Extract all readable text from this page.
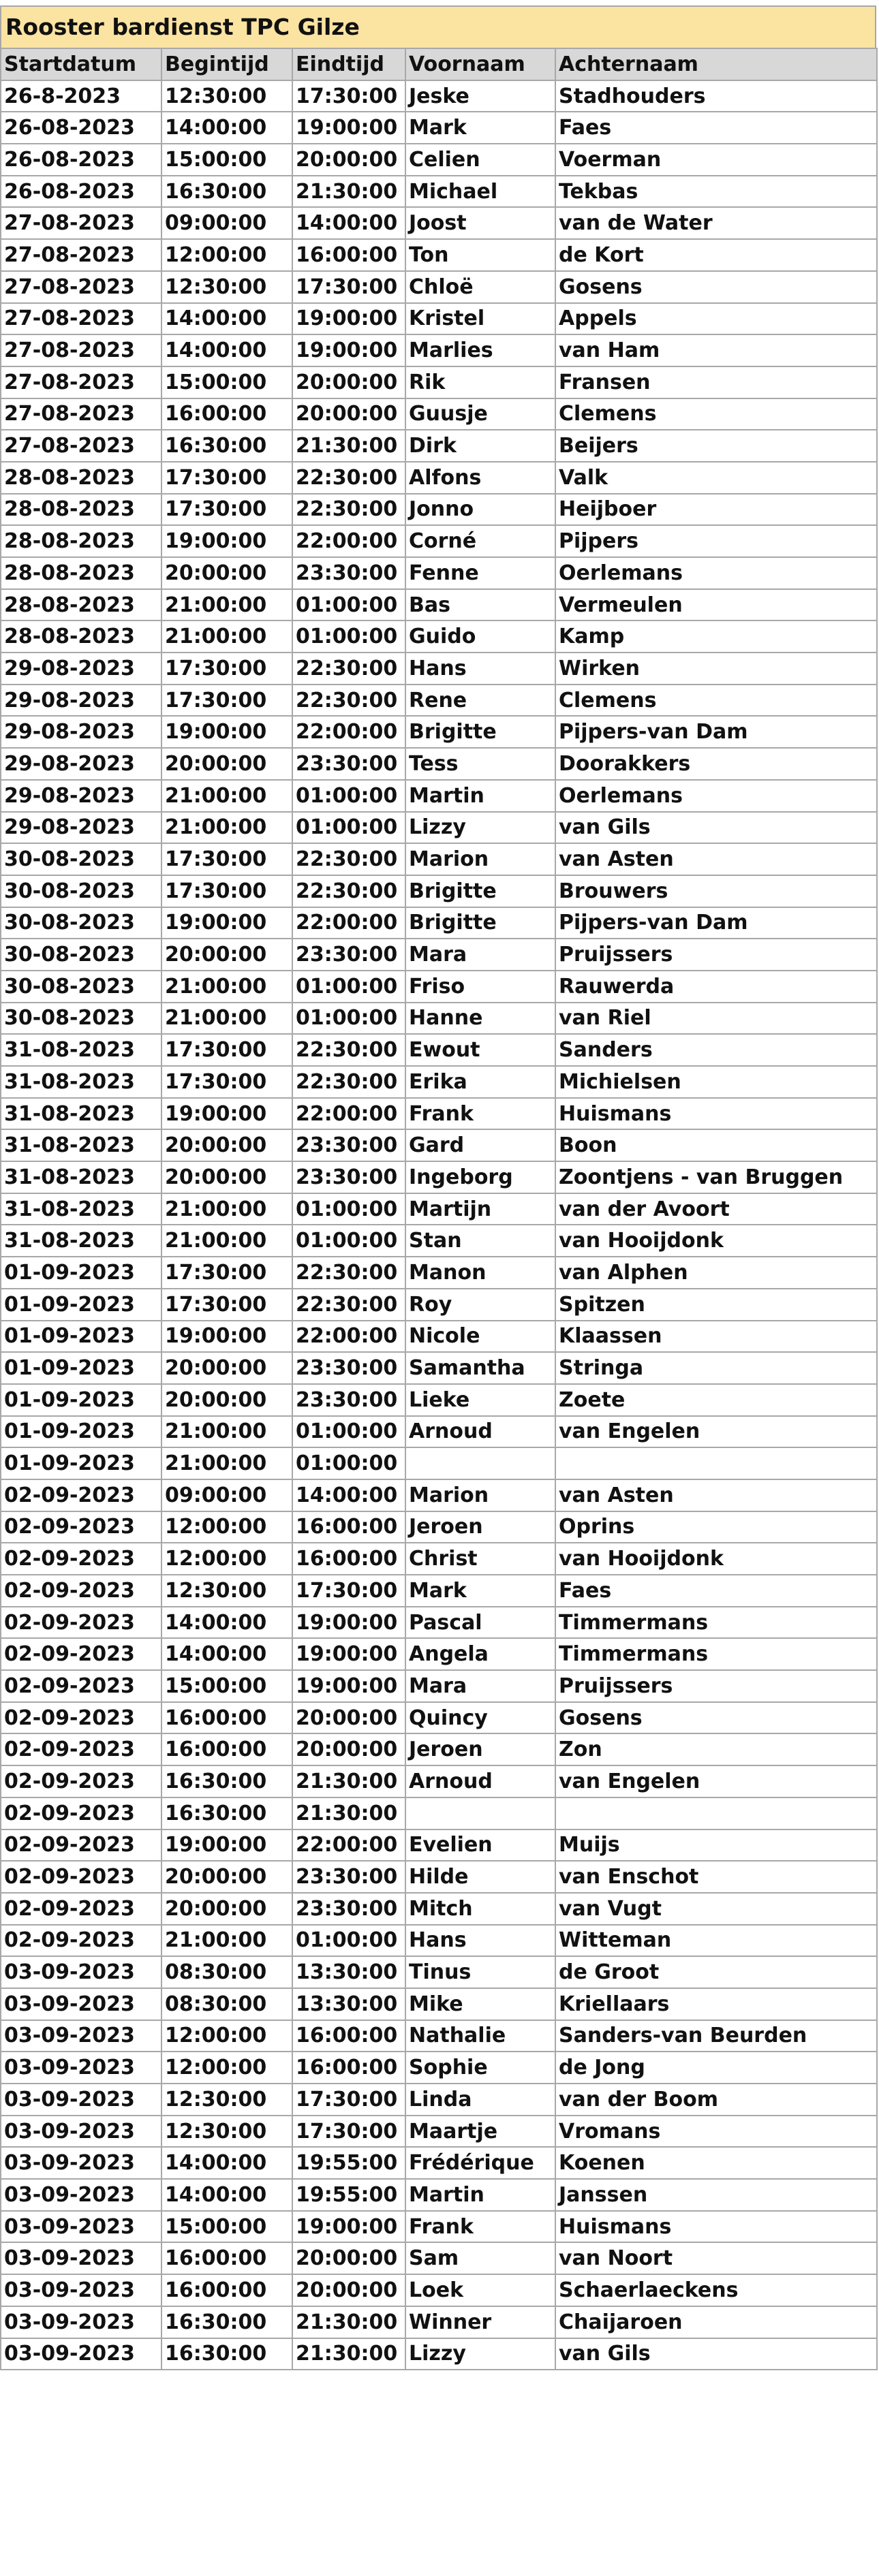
Rooster bardienst TPC Gilze
Startdatum	Begintijd	Eindtijd	Voornaam	Achternaam
26-8-2023	12:30:00	17:30:00	Jeske	Stadhouders
26-08-2023	14:00:00	19:00:00	Mark	Faes
26-08-2023	15:00:00	20:00:00	Celien	Voerman
26-08-2023	16:30:00	21:30:00	Michael	Tekbas
27-08-2023	09:00:00	14:00:00	Joost	van de Water
27-08-2023	12:00:00	16:00:00	Ton	de Kort
27-08-2023	12:30:00	17:30:00	Chloë	Gosens
27-08-2023	14:00:00	19:00:00	Kristel	Appels
27-08-2023	14:00:00	19:00:00	Marlies	van Ham
27-08-2023	15:00:00	20:00:00	Rik	Fransen
27-08-2023	16:00:00	20:00:00	Guusje	Clemens
27-08-2023	16:30:00	21:30:00	Dirk	Beijers
28-08-2023	17:30:00	22:30:00	Alfons	Valk
28-08-2023	17:30:00	22:30:00	Jonno	Heijboer
28-08-2023	19:00:00	22:00:00	Corné	Pijpers
28-08-2023	20:00:00	23:30:00	Fenne	Oerlemans
28-08-2023	21:00:00	01:00:00	Bas	Vermeulen
28-08-2023	21:00:00	01:00:00	Guido	Kamp
29-08-2023	17:30:00	22:30:00	Hans	Wirken
29-08-2023	17:30:00	22:30:00	Rene	Clemens
29-08-2023	19:00:00	22:00:00	Brigitte	Pijpers-van Dam
29-08-2023	20:00:00	23:30:00	Tess	Doorakkers
29-08-2023	21:00:00	01:00:00	Martin	Oerlemans
29-08-2023	21:00:00	01:00:00	Lizzy	van Gils
30-08-2023	17:30:00	22:30:00	Marion	van Asten
30-08-2023	17:30:00	22:30:00	Brigitte	Brouwers
30-08-2023	19:00:00	22:00:00	Brigitte	Pijpers-van Dam
30-08-2023	20:00:00	23:30:00	Mara	Pruijssers
30-08-2023	21:00:00	01:00:00	Friso	Rauwerda
30-08-2023	21:00:00	01:00:00	Hanne	van Riel
31-08-2023	17:30:00	22:30:00	Ewout	Sanders
31-08-2023	17:30:00	22:30:00	Erika	Michielsen
31-08-2023	19:00:00	22:00:00	Frank	Huismans
31-08-2023	20:00:00	23:30:00	Gard	Boon
31-08-2023	20:00:00	23:30:00	Ingeborg	Zoontjens - van Bruggen
31-08-2023	21:00:00	01:00:00	Martijn	van der Avoort
31-08-2023	21:00:00	01:00:00	Stan	van Hooijdonk
01-09-2023	17:30:00	22:30:00	Manon	van Alphen
01-09-2023	17:30:00	22:30:00	Roy	Spitzen
01-09-2023	19:00:00	22:00:00	Nicole	Klaassen
01-09-2023	20:00:00	23:30:00	Samantha	Stringa
01-09-2023	20:00:00	23:30:00	Lieke	Zoete
01-09-2023	21:00:00	01:00:00	Arnoud	van Engelen
01-09-2023	21:00:00	01:00:00		
02-09-2023	09:00:00	14:00:00	Marion	van Asten
02-09-2023	12:00:00	16:00:00	Jeroen	Oprins
02-09-2023	12:00:00	16:00:00	Christ	van Hooijdonk
02-09-2023	12:30:00	17:30:00	Mark	Faes
02-09-2023	14:00:00	19:00:00	Pascal	Timmermans
02-09-2023	14:00:00	19:00:00	Angela	Timmermans
02-09-2023	15:00:00	19:00:00	Mara	Pruijssers
02-09-2023	16:00:00	20:00:00	Quincy	Gosens
02-09-2023	16:00:00	20:00:00	Jeroen	Zon
02-09-2023	16:30:00	21:30:00	Arnoud	van Engelen
02-09-2023	16:30:00	21:30:00		
02-09-2023	19:00:00	22:00:00	Evelien	Muijs
02-09-2023	20:00:00	23:30:00	Hilde	van Enschot
02-09-2023	20:00:00	23:30:00	Mitch	van Vugt
02-09-2023	21:00:00	01:00:00	Hans	Witteman
03-09-2023	08:30:00	13:30:00	Tinus	de Groot
03-09-2023	08:30:00	13:30:00	Mike	Kriellaars
03-09-2023	12:00:00	16:00:00	Nathalie	Sanders-van Beurden
03-09-2023	12:00:00	16:00:00	Sophie	de Jong
03-09-2023	12:30:00	17:30:00	Linda	van der Boom
03-09-2023	12:30:00	17:30:00	Maartje	Vromans
03-09-2023	14:00:00	19:55:00	Frédérique	Koenen
03-09-2023	14:00:00	19:55:00	Martin	Janssen
03-09-2023	15:00:00	19:00:00	Frank	Huismans
03-09-2023	16:00:00	20:00:00	Sam	van Noort
03-09-2023	16:00:00	20:00:00	Loek	Schaerlaeckens
03-09-2023	16:30:00	21:30:00	Winner	Chaijaroen
03-09-2023	16:30:00	21:30:00	Lizzy	van Gils
